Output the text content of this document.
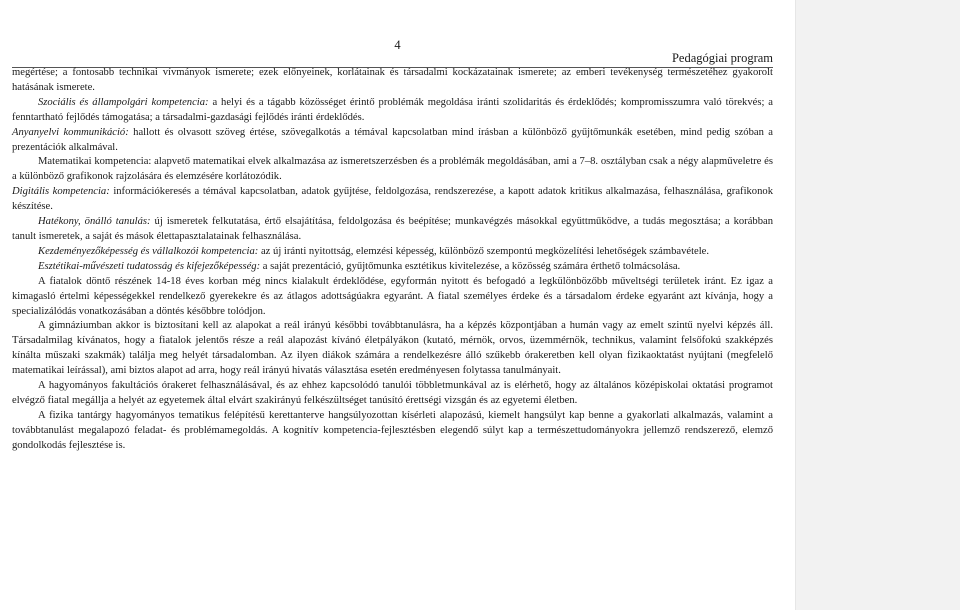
4
Pedagógiai program

megértése; a fontosabb technikai vívmányok ismerete; ezek előnyeinek, korlátainak és társadalmi kockázatainak ismerete; az emberi tevékenység természetéhez gyakorolt hatásának ismerete.

Szociális és állampolgári kompetencia: a helyi és a tágabb közösséget érintő problémák megoldása iránti szolidaritás és érdeklődés; kompromisszumra való törekvés; a fenntartható fejlődés támogatása; a társadalmi-gazdasági fejlődés iránti érdeklődés.

Anyanyelvi kommunikáció: hallott és olvasott szöveg értése, szövegalkotás a témával kapcsolatban mind írásban a különböző gyűjtőmunkák esetében, mind pedig szóban a prezentációk alkalmával.

Matematikai kompetencia: alapvető matematikai elvek alkalmazása az ismeretszerzésben és a problémák megoldásában, ami a 7–8. osztályban csak a négy alapműveletre és a különböző grafikonok rajzolására és elemzésére korlátozódik.

Digitális kompetencia: információkeresés a témával kapcsolatban, adatok gyűjtése, feldolgozása, rendszerezése, a kapott adatok kritikus alkalmazása, felhasználása, grafikonok készítése.

Hatékony, önálló tanulás: új ismeretek felkutatása, értő elsajátítása, feldolgozása és beépítése; munkavégzés másokkal együttműködve, a tudás megosztása; a korábban tanult ismeretek, a saját és mások élettapasztalatainak felhasználása.

Kezdeményezőképesség és vállalkozói kompetencia: az új iránti nyitottság, elemzési képesség, különböző szempontú megközelítési lehetőségek számbavétele.

Esztétikai-művészeti tudatosság és kifejezőképesség: a saját prezentáció, gyűjtőmunka esztétikus kivitelezése, a közösség számára érthető tolmácsolása.

A fiatalok döntő részének 14-18 éves korban még nincs kialakult érdeklődése, egyformán nyitott és befogadó a legkülönbözőbb műveltségi területek iránt. Ez igaz a kimagasló értelmi képességekkel rendelkező gyerekekre és az átlagos adottságúakra egyaránt. A fiatal személyes érdeke és a társadalom érdeke egyaránt azt kívánja, hogy a specializálódás vonatkozásában a döntés későbbre tolódjon.

A gimnáziumban akkor is biztosítani kell az alapokat a reál irányú későbbi továbbtanulásra, ha a képzés központjában a humán vagy az emelt szintű nyelvi képzés áll. Társadalmilag kívánatos, hogy a fiatalok jelentős része a reál alapozást kívánó életpályákon (kutató, mérnök, orvos, üzemmérnök, technikus, valamint felsőfokú szakképzés kínálta műszaki szakmák) találja meg helyét társadalomban. Az ilyen diákok számára a rendelkezésre álló szűkebb órakeretben kell olyan fizikaoktatást nyújtani (megfelelő matematikai leírással), ami biztos alapot ad arra, hogy reál irányú hivatás választása esetén eredményesen folytassa tanulmányait.

A hagyományos fakultációs órakeret felhasználásával, és az ehhez kapcsolódó tanulói többletmunkával az is elérhető, hogy az általános középiskolai oktatási programot elvégző fiatal megállja a helyét az egyetemek által elvárt szakirányú felkészültséget tanúsító érettségi vizsgán és az egyetemi életben.

A fizika tantárgy hagyományos tematikus felépítésű kerettanterve hangsúlyozottan kísérleti alapozású, kiemelt hangsúlyt kap benne a gyakorlati alkalmazás, valamint a továbbtanulást megalapozó feladat- és problémamegoldás. A kognitív kompetencia-fejlesztésben elegendő súlyt kap a természettudományokra jellemző rendszerező, elemző gondolkodás fejlesztése is.
